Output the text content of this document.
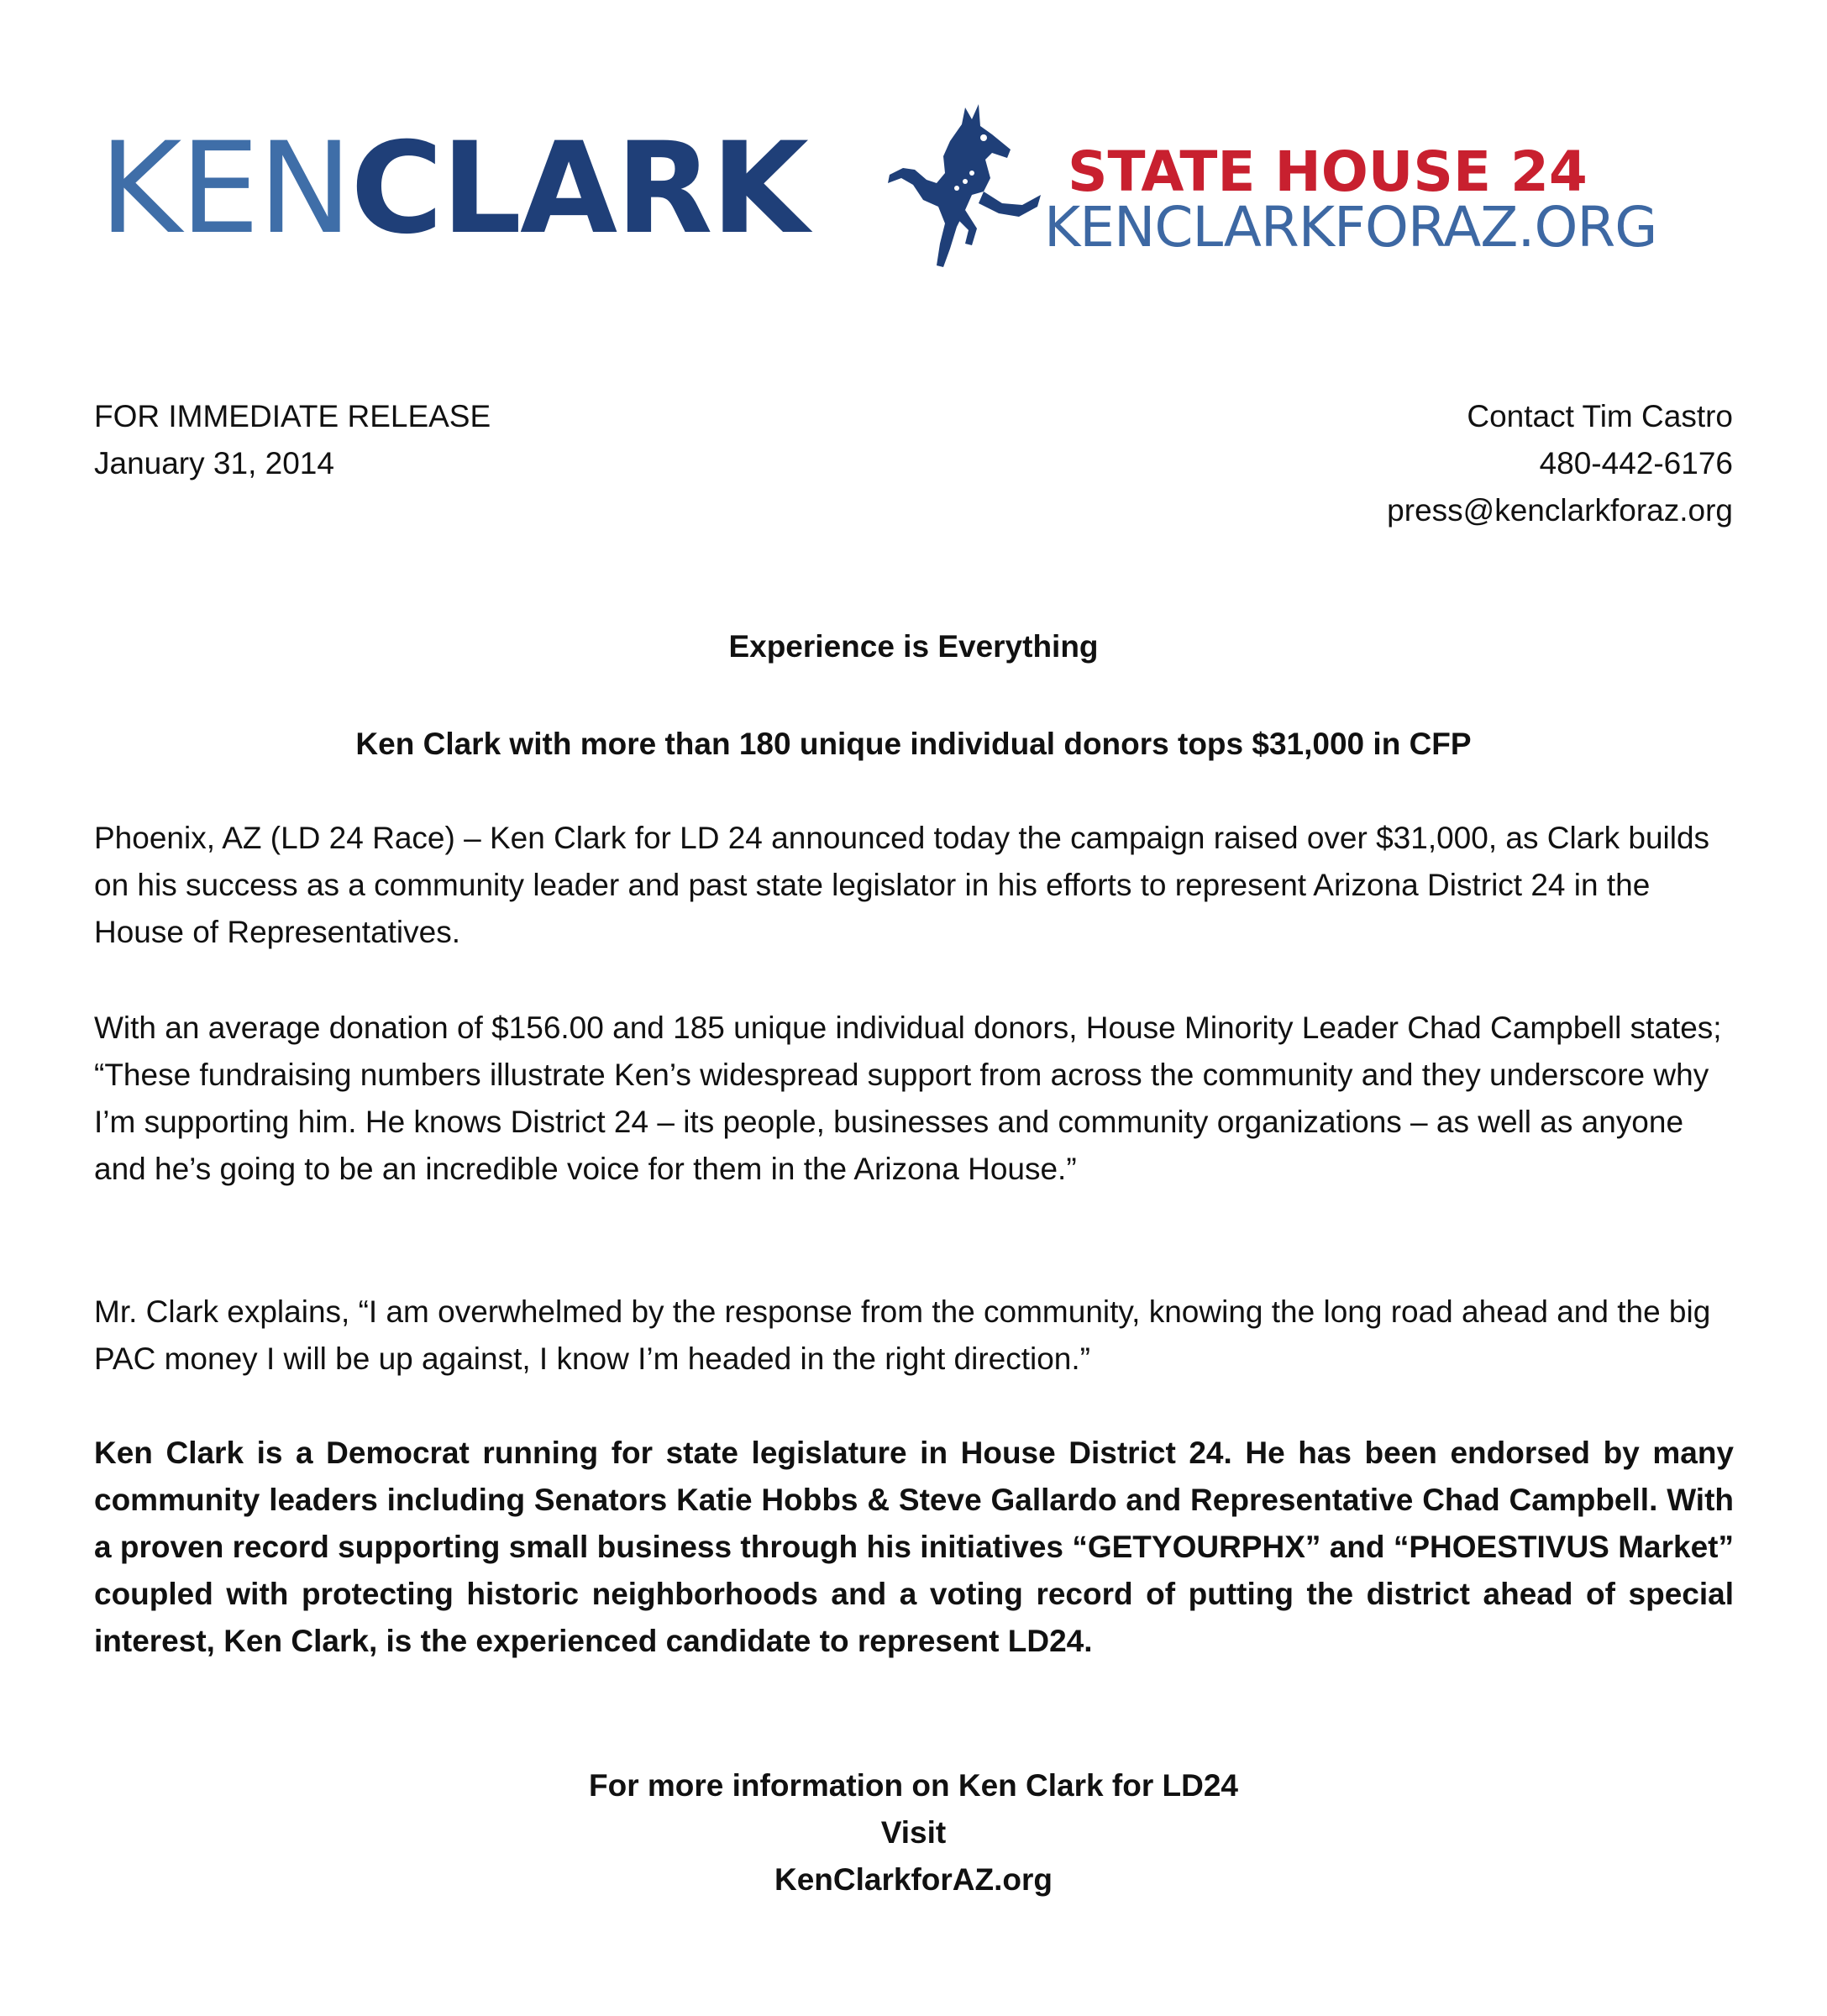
KENCLARK	STATE HOUSE 24
KENCLARKFORAZ.ORG
FOR IMMEDIATE RELEASE
January 31, 2014
Contact Tim Castro
480-442-6176
press@kenclarkforaz.org
Experience is Everything
Ken Clark with more than 180 unique individual donors tops $31,000 in CFP

Phoenix, AZ (LD 24 Race) – Ken Clark for LD 24 announced today the campaign raised over $31,000, as Clark builds on his success as a community leader and past state legislator in his efforts to represent Arizona District 24 in the House of Representatives.

With an average donation of $156.00 and 185 unique individual donors, House Minority Leader Chad Campbell states; “These fundraising numbers illustrate Ken’s widespread support from across the community and they underscore why I’m supporting him. He knows District 24 – its people, businesses and community organizations – as well as anyone and he’s going to be an incredible voice for them in the Arizona House.”

Mr. Clark explains, “I am overwhelmed by the response from the community, knowing the long road ahead and the big PAC money I will be up against, I know I’m headed in the right direction.”

Ken Clark is a Democrat running for state legislature in House District 24. He has been endorsed by many community leaders including Senators Katie Hobbs & Steve Gallardo and Representative Chad Campbell. With a proven record supporting small business through his initiatives “GETYOURPHX” and “PHOESTIVUS Market” coupled with protecting historic neighborhoods and a voting record of putting the district ahead of special interest, Ken Clark, is the experienced candidate to represent LD24.

For more information on Ken Clark for LD24
Visit
KenClarkforAZ.org
